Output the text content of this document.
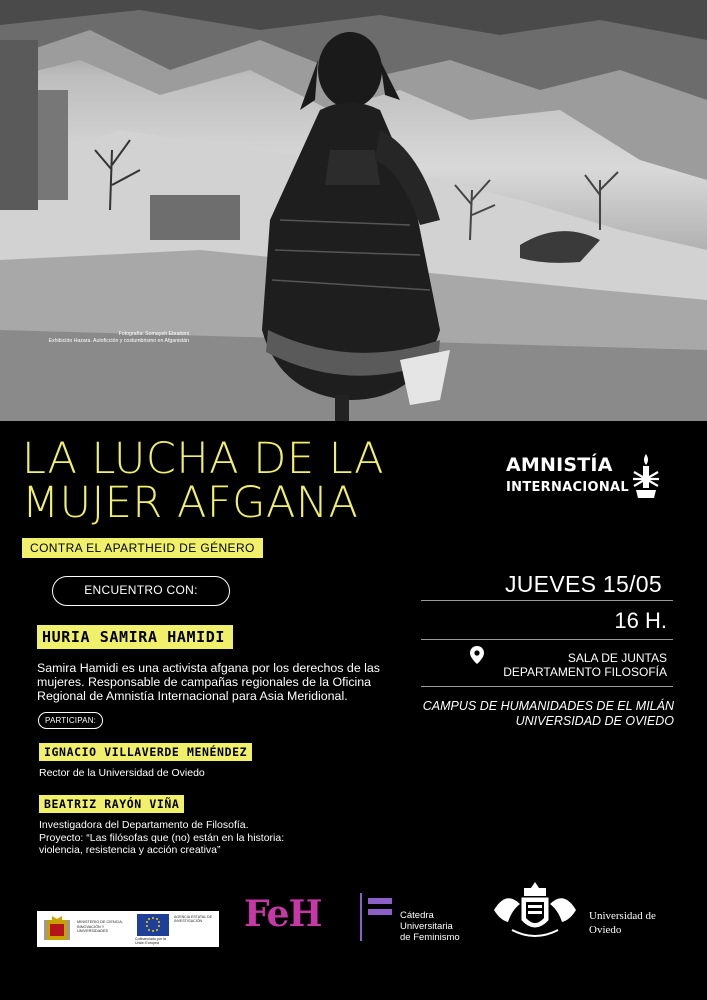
Fotografía: Somayeh Ebrahimi
Exhibición Hazara. Autoficción y costumbrismo en Afganistán
LA LUCHA DE LA
MUJER AFGANA
CONTRA EL APARTHEID DE GÉNERO
AMNISTÍA
INTERNACIONAL
ENCUENTRO CON:
HURIA SAMIRA HAMIDI

Samira Hamidi es una activista afgana por los derechos de las mujeres. Responsable de campañas regionales de la Oficina Regional de Amnistía Internacional para Asia Meridional.

PARTICIPAN:
IGNACIO VILLAVERDE MENÉNDEZ

Rector de la Universidad de Oviedo

BEATRIZ RAYÓN VIÑA
Investigadora del Departamento de Filosofía.
Proyecto: “Las filósofas que (no) están en la historia:
violencia, resistencia y acción creativa”
JUEVES 15/05
16 H.
SALA DE JUNTAS
DEPARTAMENTO FILOSOFÍA
CAMPUS DE HUMANIDADES DE EL MILÁN
UNIVERSIDAD DE OVIEDO
MINISTERIO DE CIENCIA, INNOVACIÓN Y UNIVERSIDADES
Cofinanciado por la Unión Europea
AGENCIA ESTATAL DE INVESTIGACIÓN	FeH	Cátedra
Universitaria
de Feminismo
Universidad de
Oviedo
